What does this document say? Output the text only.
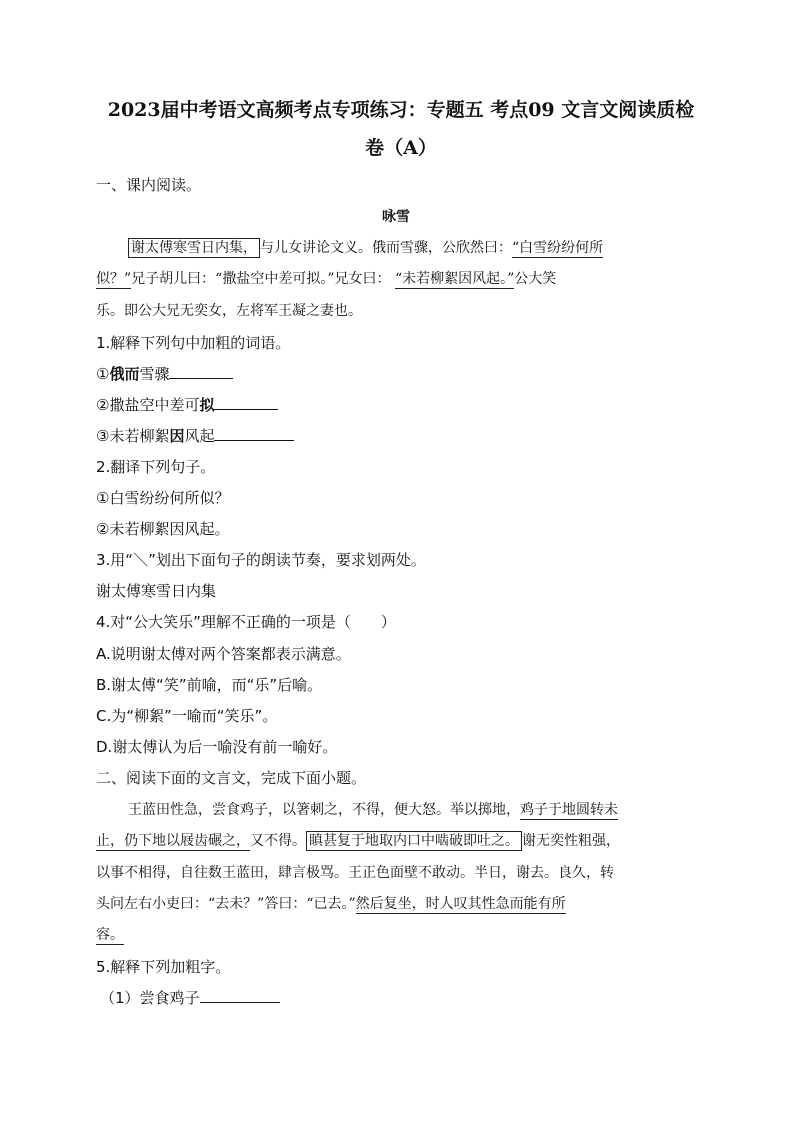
2023届中考语文高频考点专项练习：专题五 考点09 文言文阅读质检
卷（A）
一、课内阅读。
咏雪
谢太傅寒雪日内集， 与儿女讲论文义。俄而雪骤，公欣然曰：“白雪纷纷何所
似？”兄子胡儿曰：“撒盐空中差可拟。”兄女曰： “未若柳絮因风起。”公大笑
乐。即公大兄无奕女，左将军王凝之妻也。
1.解释下列句中加粗的词语。
①俄而雪骤
②撒盐空中差可拟
③未若柳絮因风起
2.翻译下列句子。
①白雪纷纷何所似？
②未若柳絮因风起。
3.用“＼”划出下面句子的朗读节奏，要求划两处。
谢太傅寒雪日内集
4.对“公大笑乐”理解不正确的一项是（　　）
A.说明谢太傅对两个答案都表示满意。
B.谢太傅“笑”前喻，而“乐”后喻。
C.为“柳絮”一喻而“笑乐”。
D.谢太傅认为后一喻没有前一喻好。
二、阅读下面的文言文，完成下面小题。
王蓝田性急，尝食鸡子，以箸刺之，不得，便大怒。举以掷地，鸡子于地圆转未
止，仍下地以屐齿碾之，又不得。 瞋甚复于地取内口中啮破即吐之。 谢无奕性粗强，
以事不相得，自往数王蓝田，肆言极骂。王正色面壁不敢动。半日，谢去。良久，转
头问左右小吏曰：“去未？”答曰：“已去。”然后复坐，时人叹其性急而能有所
容。
5.解释下列加粗字。
（1）尝食鸡子
